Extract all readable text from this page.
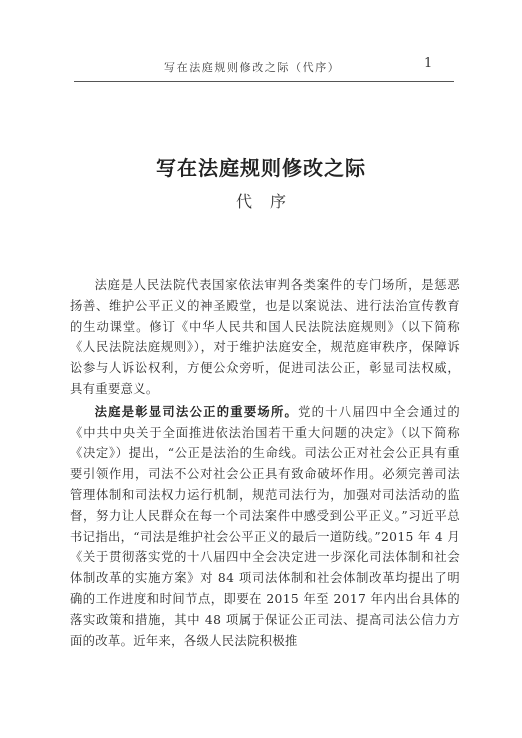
写在法庭规则修改之际（代序）	1
写在法庭规则修改之际
代序

法庭是人民法院代表国家依法审判各类案件的专门场所，是惩恶扬善、维护公平正义的神圣殿堂，也是以案说法、进行法治宣传教育的生动课堂。修订《中华人民共和国人民法院法庭规则》（以下简称《人民法院法庭规则》），对于维护法庭安全，规范庭审秩序，保障诉讼参与人诉讼权利，方便公众旁听，促进司法公正，彰显司法权威，具有重要意义。

法庭是彰显司法公正的重要场所。党的十八届四中全会通过的《中共中央关于全面推进依法治国若干重大问题的决定》（以下简称《决定》）提出，“公正是法治的生命线。司法公正对社会公正具有重要引领作用，司法不公对社会公正具有致命破坏作用。必须完善司法管理体制和司法权力运行机制，规范司法行为，加强对司法活动的监督，努力让人民群众在每一个司法案件中感受到公平正义。”习近平总书记指出，“司法是维护社会公平正义的最后一道防线。”2015 年 4 月《关于贯彻落实党的十八届四中全会决定进一步深化司法体制和社会体制改革的实施方案》对 84 项司法体制和社会体制改革均提出了明确的工作进度和时间节点，即要在 2015 年至 2017 年内出台具体的落实政策和措施，其中 48 项属于保证公正司法、提高司法公信力方面的改革。近年来，各级人民法院积极推
